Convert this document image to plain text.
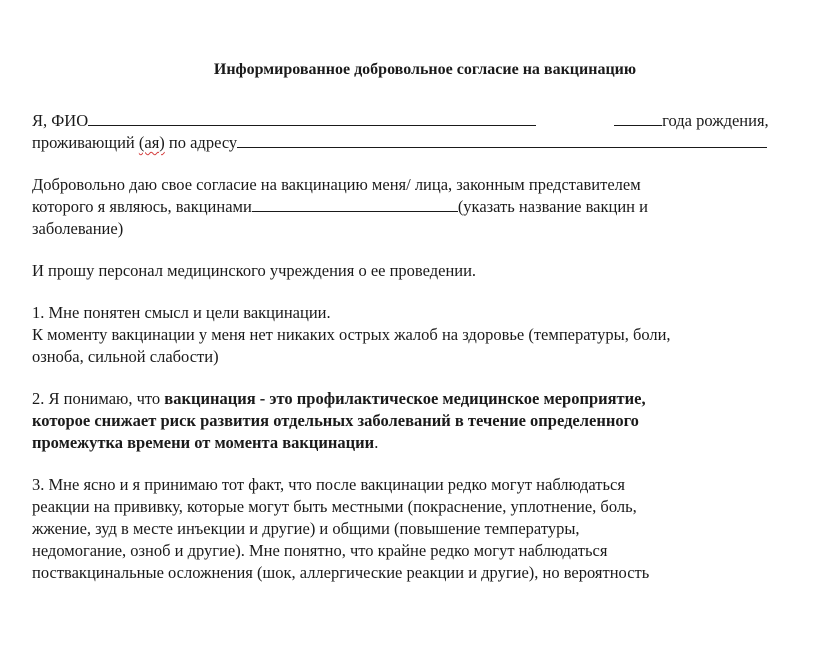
Информированное добровольное согласие на вакцинацию
Я, ФИО	года рождения,
проживающий (ая) по адресу

Добровольно даю свое согласие на вакцинацию меня/ лица, законным представителем
которого я являюсь, вакцинами	(указать название вакцин и
заболевание)

И прошу персонал медицинского учреждения о ее проведении.

1. Мне понятен смысл и цели вакцинации.
К моменту вакцинации у меня нет никаких острых жалоб на здоровье (температуры, боли,
озноба, сильной слабости)

2. Я понимаю, что вакцинация - это профилактическое медицинское мероприятие,
которое снижает риск развития отдельных заболеваний в течение определенного
промежутка времени от момента вакцинации.

3. Мне ясно и я принимаю тот факт, что после вакцинации редко могут наблюдаться
реакции на прививку, которые могут быть местными (покраснение, уплотнение, боль,
жжение, зуд в месте инъекции и другие) и общими (повышение температуры,
недомогание, озноб и другие). Мне понятно, что крайне редко могут наблюдаться
поствакцинальные осложнения (шок, аллергические реакции и другие), но вероятность
